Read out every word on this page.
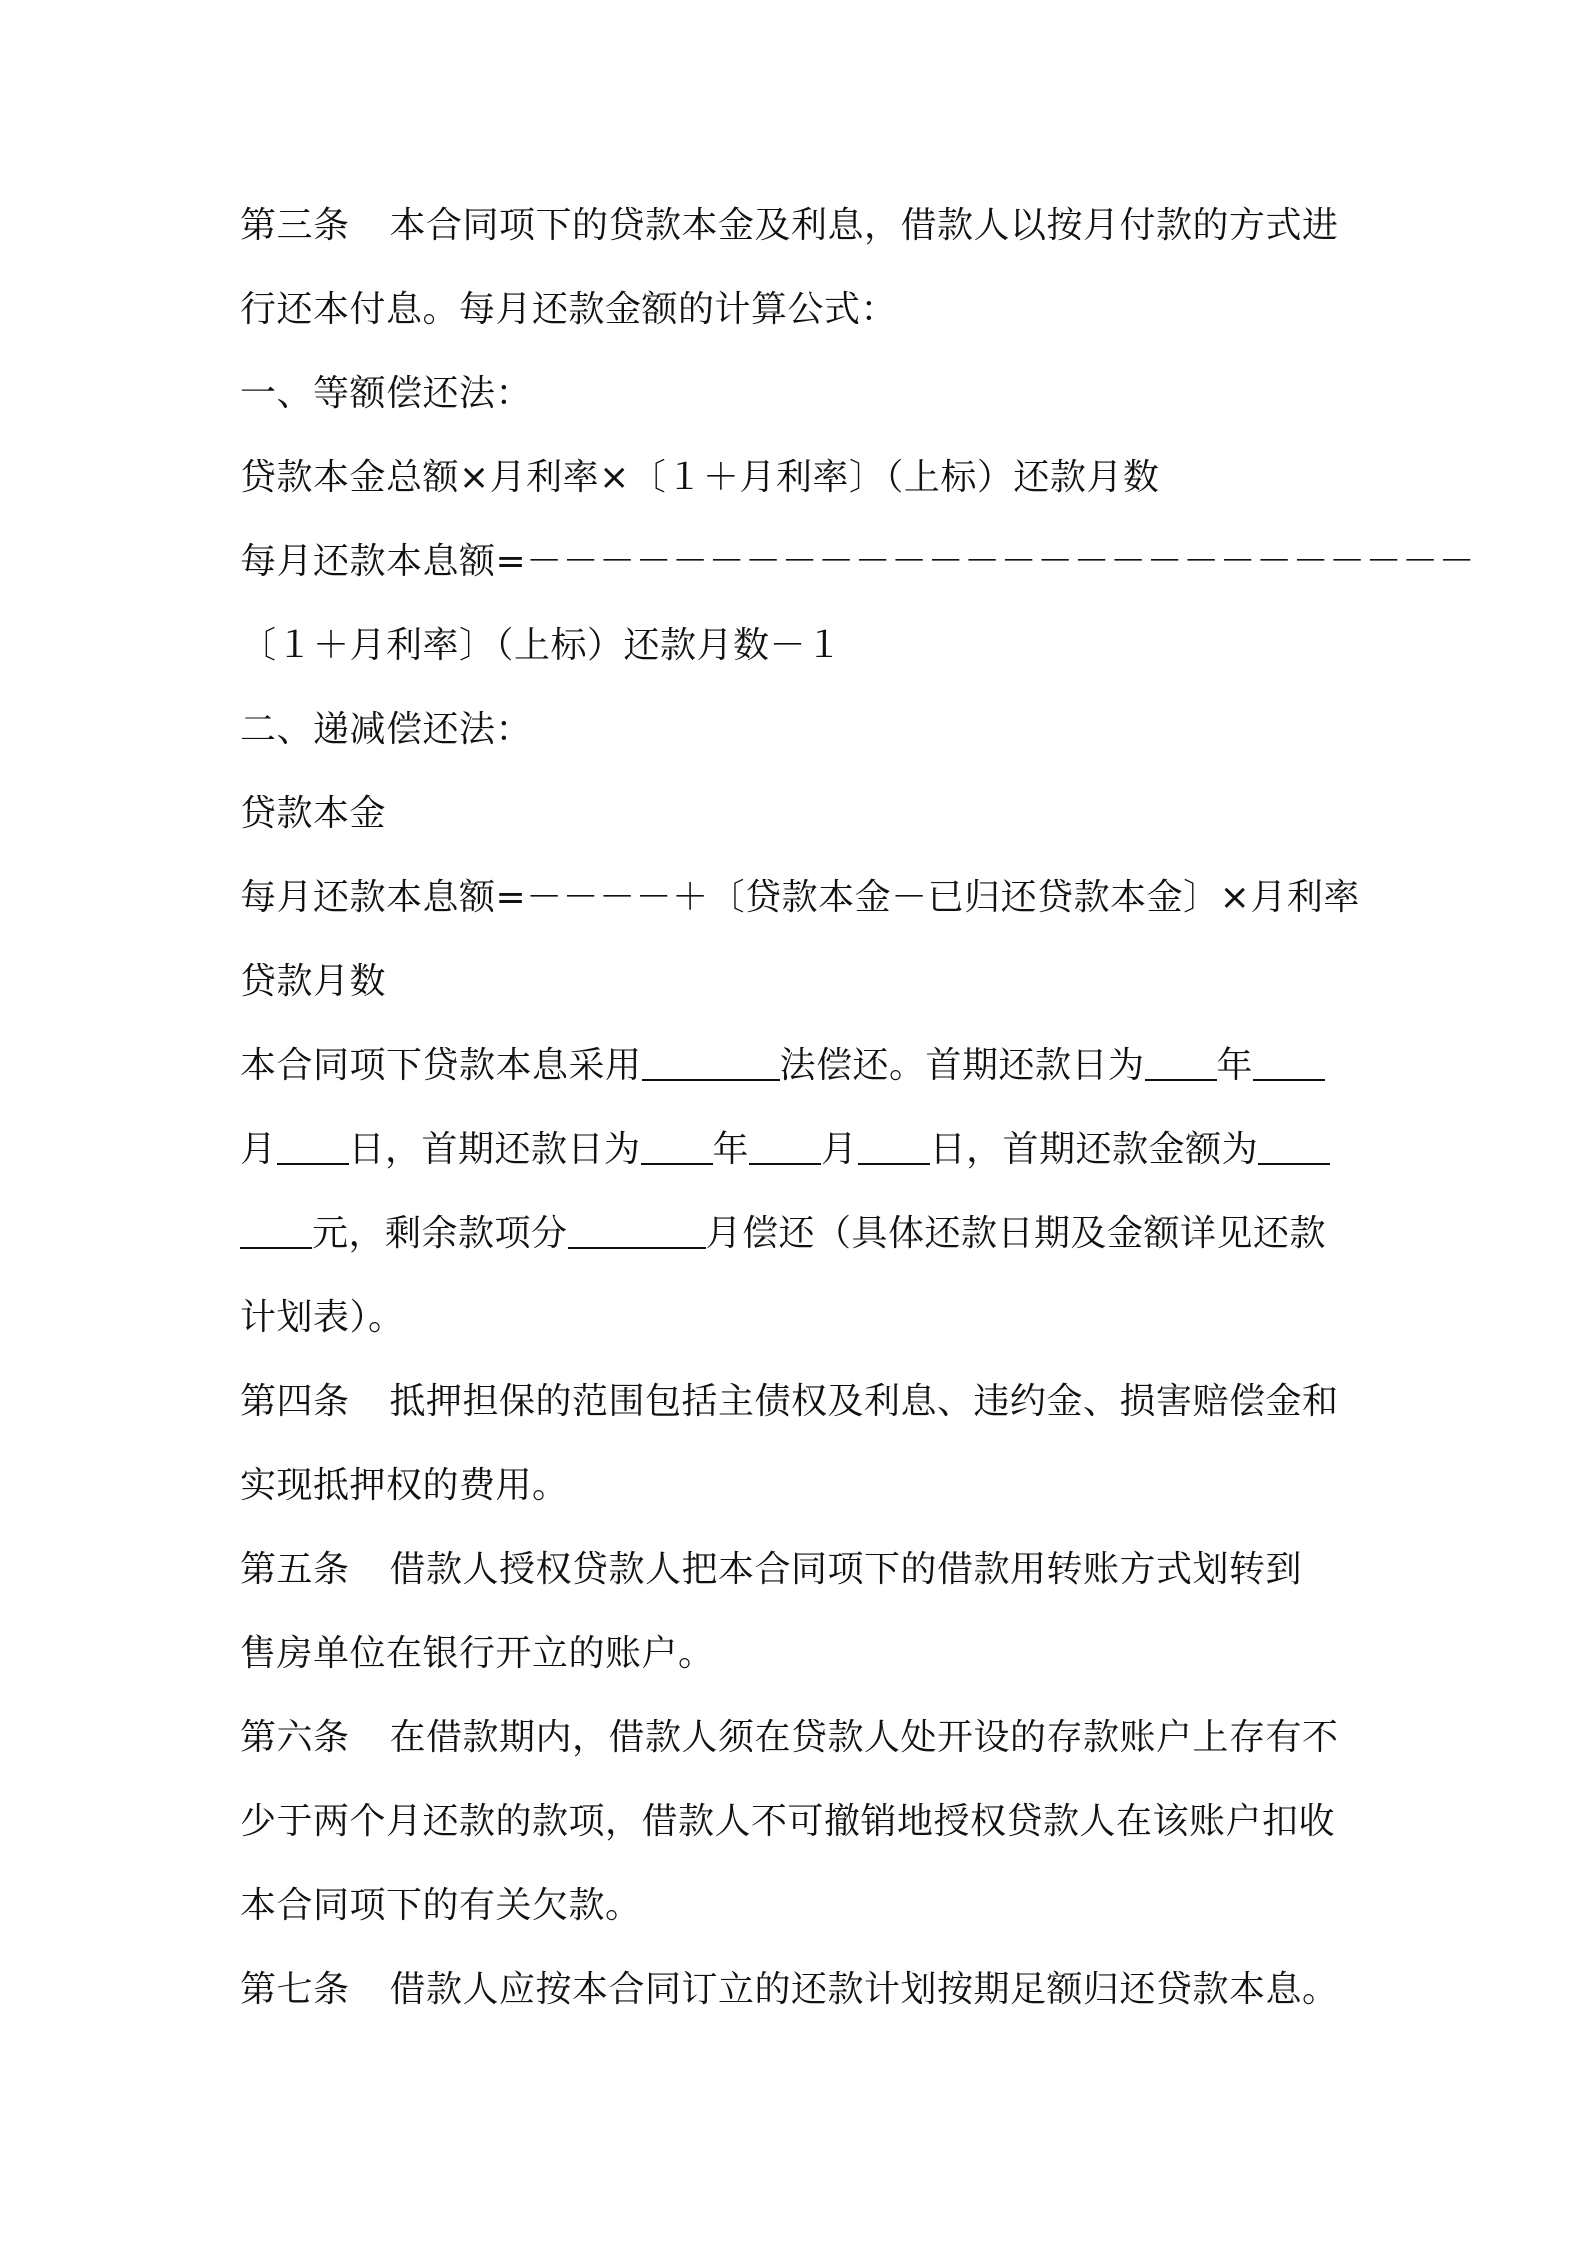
第三条 本合同项下的贷款本金及利息，借款人以按月付款的方式进
行还本付息。每月还款金额的计算公式：
一、等额偿还法：
贷款本金总额×月利率×〔１＋月利率〕（上标）还款月数
每月还款本息额=－－－－－－－－－－－－－－－－－－－－－－－－－－
〔１＋月利率〕（上标）还款月数－１
二、递减偿还法：
贷款本金
每月还款本息额=－－－－＋〔贷款本金－已归还贷款本金〕×月利率
贷款月数
本合同项下贷款本息采用	法偿还。首期还款日为 年
月 日，首期还款日为 年 月 日，首期还款金额为
元，剩余款项分	月偿还（具体还款日期及金额详见还款
计划表）。
第四条 抵押担保的范围包括主债权及利息、违约金、损害赔偿金和
实现抵押权的费用。
第五条 借款人授权贷款人把本合同项下的借款用转账方式划转到
售房单位在银行开立的账户。
第六条 在借款期内，借款人须在贷款人处开设的存款账户上存有不
少于两个月还款的款项，借款人不可撤销地授权贷款人在该账户扣收
本合同项下的有关欠款。
第七条 借款人应按本合同订立的还款计划按期足额归还贷款本息。
